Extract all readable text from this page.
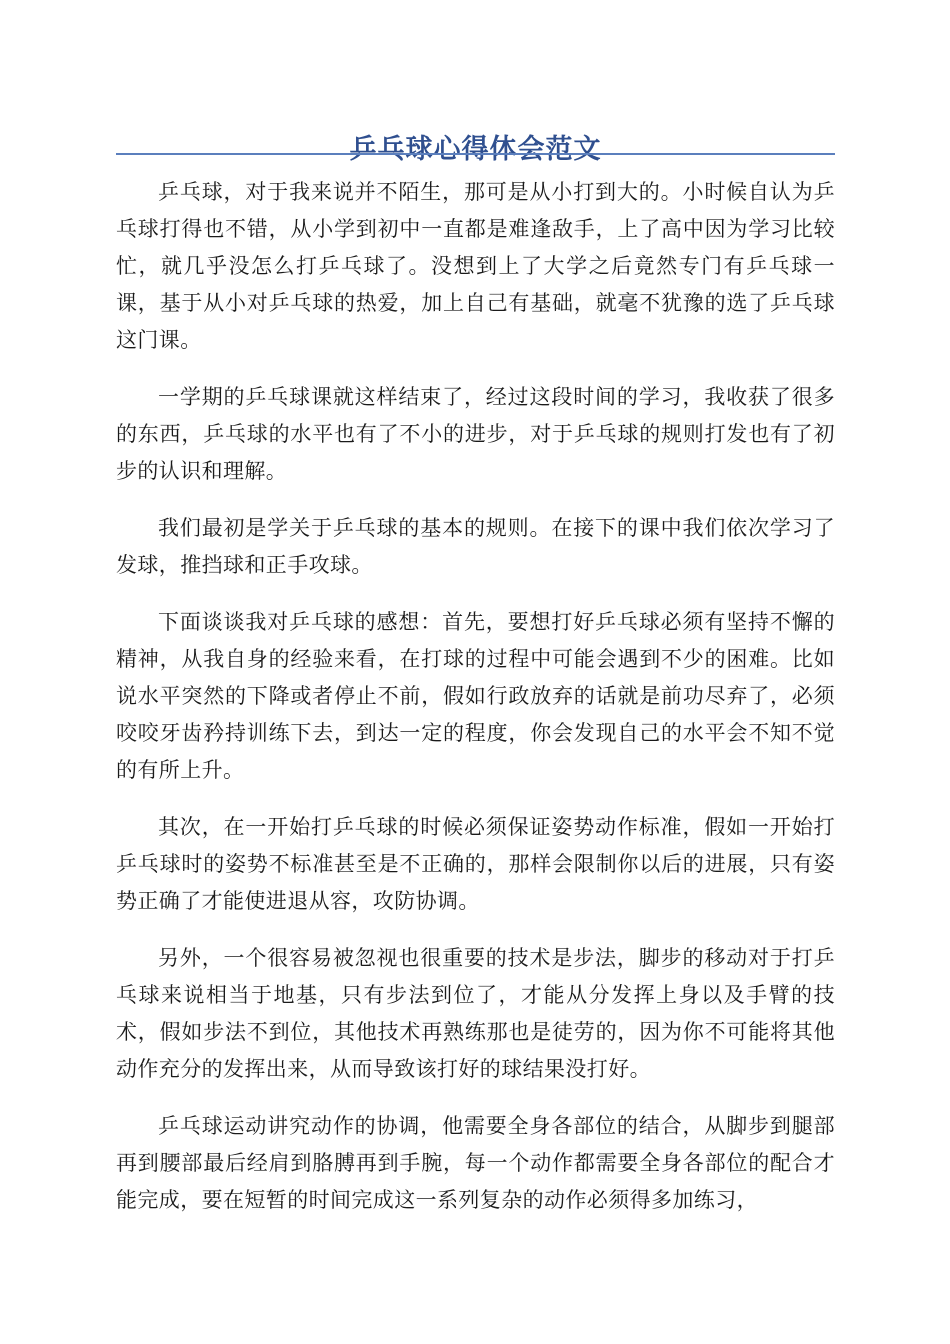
乒乓球心得体会范文

乒乓球，对于我来说并不陌生，那可是从小打到大的。小时候自认为乒乓球打得也不错，从小学到初中一直都是难逢敌手，上了高中因为学习比较忙，就几乎没怎么打乒乓球了。没想到上了大学之后竟然专门有乒乓球一课，基于从小对乒乓球的热爱，加上自己有基础，就毫不犹豫的选了乒乓球这门课。

一学期的乒乓球课就这样结束了，经过这段时间的学习，我收获了很多的东西，乒乓球的水平也有了不小的进步，对于乒乓球的规则打发也有了初步的认识和理解。

我们最初是学关于乒乓球的基本的规则。在接下的课中我们依次学习了发球，推挡球和正手攻球。

下面谈谈我对乒乓球的感想：首先，要想打好乒乓球必须有坚持不懈的精神，从我自身的经验来看，在打球的过程中可能会遇到不少的困难。比如说水平突然的下降或者停止不前，假如行政放弃的话就是前功尽弃了，必须咬咬牙齿矜持训练下去，到达一定的程度，你会发现自己的水平会不知不觉的有所上升。

其次，在一开始打乒乓球的时候必须保证姿势动作标准，假如一开始打乒乓球时的姿势不标准甚至是不正确的，那样会限制你以后的进展，只有姿势正确了才能使进退从容，攻防协调。

另外，一个很容易被忽视也很重要的技术是步法，脚步的移动对于打乒乓球来说相当于地基，只有步法到位了，才能从分发挥上身以及手臂的技术，假如步法不到位，其他技术再熟练那也是徒劳的，因为你不可能将其他动作充分的发挥出来，从而导致该打好的球结果没打好。

乒乓球运动讲究动作的协调，他需要全身各部位的结合，从脚步到腿部再到腰部最后经肩到胳膊再到手腕，每一个动作都需要全身各部位的配合才能完成，要在短暂的时间完成这一系列复杂的动作必须得多加练习，
